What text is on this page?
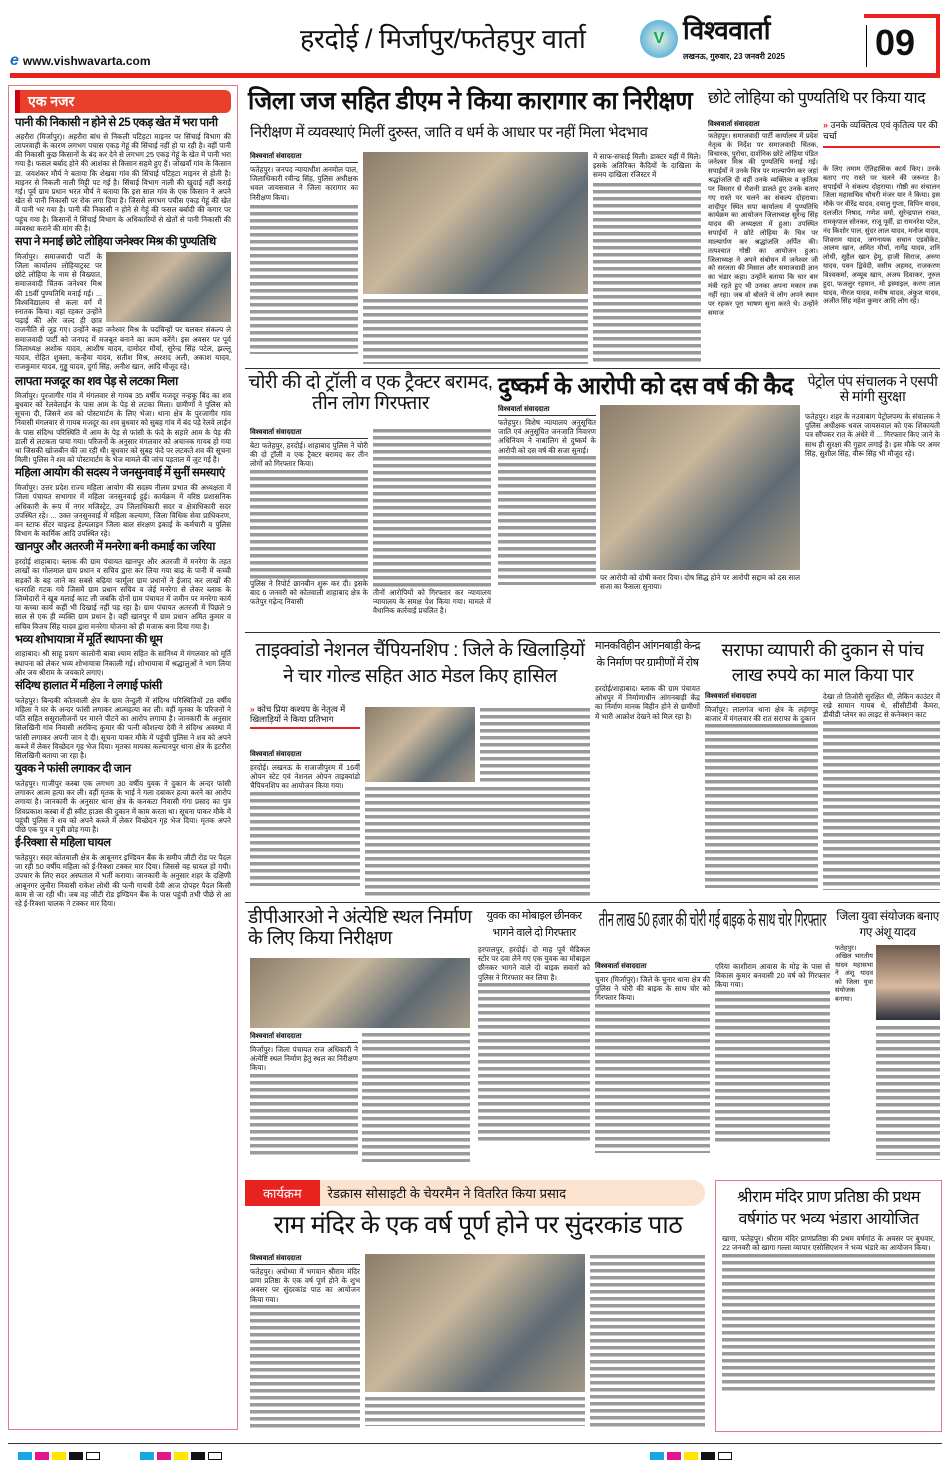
e www.vishwavarta.com
हरदोई / मिर्जापुर/फतेहपुर वार्ता	V विश्ववार्ता
लखनऊ, गुरुवार, 23 जनवरी 2025	09
एक नजर
पानी की निकासी न होने से 25 एकड़ खेत में भरा पानी
अहरौरा (मिर्जापुर)। अहरौरा बांध से निकली पटिहटा माइनर पर सिंचाई विभाग की लापरवाही के कारण लगभग पचास एकड़ गेहूं की सिंचाई नहीं हो पा रही है। वहीं पानी की निकासी कुछ किसानों के बंद कर देने से लगभग 25 एकड़ गेहूं के खेत में पानी भरा गया है। फसल बर्बाद होने की आशंका से किसान सहमे हुए हैं। जोखवाँ गांव के किसान डा. जयशंकर मौर्य ने बताया कि शेखवा गांव की सिंचाई पटिहटा माइनर से होती है। माइनर से निकली नाली मिट्टी पट गई है। सिंचाई विभाग नाली की खुदाई नहीं कराई गई। पूर्व ग्राम प्रधान भरत मौर्य ने बताया कि इस साल गांव के एक किसान ने अपने खेत से पानी निकासी पर रोक लगा दिया है। जिससे लगभग पचीस एकड़ गेहूं की खेत में पानी भर गया है। पानी की निकासी न होने से गेहूं की फसल बर्बादी की कगार पर पहुंच गया है। किसानों ने सिंचाई विभाग के अधिकारियों से खेतों से पानी निकासी की व्यवस्था कराने की मांग की है।
सपा ने मनाई छोटे लोहिया जनेश्वर मिश्र की पुण्यतिथि
मिर्जापुर। समाजवादी पार्टी के जिला कार्यालय लोहियाट्रस्ट पर छोटे लोहिया के नाम से विख्यात, समाजवादी चिंतक जनेश्वर मिश्र की 15वीं पुण्यतिथि मनाई गई। ... विश्वविद्यालय से कला वर्ग में स्नातक किया। वहां रहकर उन्होंने पढ़ाई की ओर जल्द ही छात्र राजनीति से जुड़ गए। उन्होंने कहा जनेश्वर मिश्र के पदचिन्हों पर चलकर संकल्प ले समाजवादी पार्टी को जनपद में मजबूत बनाने का काम करेंगे। इस अवसर पर पूर्व जिलाध्यक्ष अशोक यादव, आशीष यादव, दामोदर मौर्या, सुरेन्द्र सिंह पटेल, झल्लू यादव, रोहित शुक्ला, कन्हैया यादव, सतीश मिश्र, अरशद अली, अकाश यादव, राजकुमार यादव, गुड्डू यादव, दुर्गा सिंह, अनीश खान, आदि मौजूद रहे।
लापता मजदूर का शव पेड़ से लटका मिला
मिर्जापुर। पुरजागीर गांव में मंगलवार से गायब 35 वर्षीय मजदूर नन्हकू बिंद का शव बुधवार को रेलवेलाईन के पास आम के पेड़ से लटका मिला। ग्रामीणों ने पुलिस को सूचना दी, जिसने शव को पोस्टमार्टम के लिए भेजा। थाना क्षेत्र के पुरजागीर गांव निवासी मंगलवार से गायब मजदूर का शव बुधवार को सुबह गांव में बंद पड़े रेलवे लाईन के पास संदिग्ध परिस्थिति में आम के पेड़ से फांसी के फंदे के सहारे आम के पेड़ की डाली से लटकता पाया गया। परिजनों के अनुसार मंगलवार को अचानक गायब हो गया था जिसकी खोजबीन की जा रही थी। बुधवार को सुबह फंदे पर लटकते शव की सूचना मिली। पुलिस ने शव को पोस्टमार्टम के भेज मामले की जांच पड़ताल में जुट गई है।
महिला आयोग की सदस्य ने जनसुनवाई में सुनीं समस्याएं
मिर्जापुर। उत्तर प्रदेश राज्य महिला आयोग की सदस्य नीलम प्रभात की अध्यक्षता में जिला पंचायत सभागार में महिला जनसुनवाई हुई। कार्यक्रम में वरिष्ठ प्रशासनिक अधिकारी के रूप में नगर मजिस्ट्रेट, उप जिलाधिकारी सदर व क्षेत्राधिकारी सदर उपस्थित रहे। ... उक्त जनसुनवाई में महिला कल्याण, जिला विधिक सेवा प्राधिकरण, वन स्टाफ सेंटर चाइल्ड हेल्पलाइन जिला बाल संरक्षण इकाई के कर्मचारी व पुलिस विभाग के कार्मिक आदि उपस्थित रहे।
खानपुर और अतरजी में मनरेगा बनी कमाई का जरिया
हरदोई शाहाबाद। ब्लाक की ग्राम पंचायत खानपुर और अतरजी में मनरेगा के तहत लाखों का गोलमाल ग्राम प्रधान व सचिव द्वारा कर लिया गया बाढ़ के पानी में कच्ची सड़कों के बह जाने का सबसे बढ़िया फार्मूला ग्राम प्रधानों ने ईजाद कर लाखों की धनराशि गटक गये जिसमें ग्राम प्रधान सचिव व जेई मनरेगा से लेकर ब्लाक के जिम्मेदारों ने खूब मलाई काट ली जबकि दोनों ग्राम पंचायत में जमीन पर मनरेगा कार्य या कच्चा कार्य कहीं भी दिखाई नहीं पड़ रहा है। ग्राम पंचायत अतरजी में पिछले 9 साल से एक ही व्यक्ति ग्राम प्रधान है। वहीं खानपुर में ग्राम प्रधान अमित कुमार व सचिव विजय सिंह यादव द्वारा मनरेगा योजना को ही मजाक बना दिया गया है।
भव्य शोभायात्रा में मूर्ति स्थापना की धूम
शाहाबाद। श्री साहू प्रयाग कालोनी बाबा श्याम सहित के सानिध्य में मंगलवार को मूर्ति स्थापना को लेकर भव्य शोभायात्रा निकाली गई। शोभायात्रा में श्रद्धालुओं ने भाग लिया और जय श्रीराम के जयकारे लगाए।
संदिग्ध हालात में महिला ने लगाई फांसी
फतेहपुर। बिन्दकी कोतवाली क्षेत्र के ग्राम तेन्दुली में संदिग्ध परिस्थितियों 28 वर्षीय महिला ने घर के अन्दर फांसी लगाकर आत्महत्या कर ली। वहीं मृतका के परिजनों ने पति सहित ससुरालीजनों पर मारने पीटने का आरोप लगाया है। जानकारी के अनुसार सिलखिनी गांव निवासी अरविन्द कुमार की पत्नी कौशल्या देवी ने संदिग्ध अवस्था में फांसी लगाकर अपनी जान दे दी। सूचना पाकर मौके में पहुंची पुलिस ने शव को अपने कब्जे में लेकर विच्छेदन गृह भेज दिया। मृतका मायका कल्यानपुर थाना क्षेत्र के इटरौरा सिलखिनी बताया जा रहा है।
युवक ने फांसी लगाकर दी जान
फतेहपुर। गाजीपुर कस्बा एक लगभग 30 वर्षीय युवक ने दुकान के अन्दर फांसी लगाकर आत्म हत्या कर ली। वहीं मृतक के भाई ने गला दबाकर हत्या करने का आरोप लगाया है। जानकारी के अनुसार थाना क्षेत्र के कनकटा निवासी गंगा प्रसाद का पुत्र शिवप्रकाश कस्बा में ही स्वीट हाउस की दुकान में काम करता था। सूचना पाकर मौके में पहुंची पुलिस ने शव को अपने कब्जे में लेकर विच्छेदन गृह भेज दिया। मृतक अपने पीछे एक पुत्र व पुत्री छोड़ गया है।
ई-रिक्शा से महिला घायल
फतेहपुर। सदर कोतवाली क्षेत्र के आबूनगर इण्डियन बैंक के समीप जीटी रोड पर पैदल जा रही 50 वर्षीय महिला को ई-रिक्शा टक्कर मार दिया। जिससे वह घायल हो गयी। उपचार के लिए सदर अस्पताल में भर्ती कराया। जानकारी के अनुसार शहर के दक्षिणी आबूनगर लुनौरा निवासी राकेश लोधी की पत्नी गायत्री देवी आज दोपहर पैदल किसी काम से जा रही थी। जब वह जीटी रोड इण्डियन बैंक के पास पहुंची तभी पीछे से आ रहे ई-रिक्शा चालक ने टक्कर मार दिया।
जिला जज सहित डीएम ने किया कारागार का निरीक्षण
निरीक्षण में व्यवस्थाएं मिलीं दुरुस्त, जाति व धर्म के आधार पर नहीं मिला भेदभाव
विश्ववार्ता संवाददाता
फतेहपुर। जनपद न्यायाधीश अनमोल पाल, जिलाधिकारी रवीन्द्र सिंह, पुलिस अधीक्षक धवल जायसवाल ने जिला कारागार का निरीक्षण किया।
में साफ-सफाई मिली। डाक्टर यहीं में मिले। इसके अतिरिक्त कैदियों के दाखिला के समय दाखिला रजिस्टर में
छोटे लोहिया को पुण्यतिथि पर किया याद
विश्ववार्ता संवाददाता
फतेहपुर। समाजवादी पार्टी कार्यालय में प्रदेश नेतृत्व के निर्देश पर समाजवादी चिंतक, विचारक, पुरोधा, दार्शनिक छोटे लोहिया पंडित जनेश्वर मिश्र की पुण्यतिथि मनाई गई। सपाईयों ने उनके चित्र पर माल्यार्पण कर जहां श्रद्धांजलि दी वहीं उनके व्यक्तित्व व कृतित्व पर विस्तार से रोशनी डालते हुए उनके बताए गए रास्ते पर चलने का संकल्प दोहराया। शादीपुर स्थित सपा कार्यालय में पुण्यतिथि कार्यक्रम का आयोजन जिलाध्यक्ष सुरेन्द्र सिंह यादव की अध्यक्षता में हुआ। उपस्थित सपाईयों ने छोटे लोहिया के चित्र पर माल्यार्पण कर श्रद्धांजलि अर्पित की। तत्पश्चात गोष्ठी का आयोजन हुआ। जिलाध्यक्ष ने अपने संबोधन में जनेश्वर जी को सरलता की मिसाल और समाजवादी ज्ञान का भंडार कहा। उन्होंने बताया कि चार बार मंत्री रहते हुए भी उनका अपना मकान तक नहीं रहा। जब वो बोलते थे लोग अपने स्थान पर रहकर पूरा भाषण सुना करते थे। उन्होंने समाज
» उनके व्यक्तित्व एवं कृतित्व पर की चर्चा
के लिए तमाम ऐतिहासिक कार्य किए। उनके बताए गए रास्ते पर चलने की जरूरत है। सपाईयों ने संकल्प दोहराया। गोष्ठी का संचालन जिला महासचिव चौधरी मंजर यार ने किया। इस मौके पर वीरेंद्र यादव, दयालु गुप्ता, विपिन यादव, दलजीत निषाद, गणेश वर्मा, सुरेन्द्रपाल रावत, रामकृपाल सोनकर, राजू पूर्वी, डा रामनरेश पटेल, नंद किशोर पाल, सुंदर लाल यादव, मनोज यादव, शिवराम यादव, जगनायक सचान एडवोकेट, आलम खान, अमित मौर्या, नागेंद्र यादव, शनि लोधी, सुहैल खान हेमू, हाजी सिराज, अरुण यादव, पवन द्विवेदी, वसीम अहमद, राजकरण विश्वकर्मा, अय्यूब खान, अजय दिवाकर, नूरुल हुदा, फजलुर रहमान, मो इस्माइल, करण लाल यादव, नीरज यादव, मनीष यादव, अंकुश यादव, अजीत सिंह महेश कुमार आदि लोग रहे।
चोरी की दो ट्रॉली व एक ट्रैक्टर बरामद, तीन लोग गिरफ्तार
विश्ववार्ता संवाददाता
बेटा फतेहपुर, हरदोई। शाहाबाद पुलिस ने चोरी की दो ट्रॉली व एक ट्रैक्टर बरामद कर तीन लोगों को गिरफ्तार किया।
पुलिस ने रिपोर्ट छानबीन शुरू कर दी। इसके बाद 6 जनवरी को कोतवाली शाहाबाद क्षेत्र के फतेपुर गढ़ेन्द निवासी
तीनों आरोपियों को गिरफ्तार कर न्यायालय न्यायालय के समक्ष पेश किया गया। मामले में वैधानिक कार्रवाई प्रचलित है।
दुष्कर्म के आरोपी को दस वर्ष की कैद
विश्ववार्ता संवाददाता
फतेहपुर। विशेष न्यायालय अनुसूचित जाति एवं अनुसूचित जनजाति निवारण अधिनियम ने नाबालिग से दुष्कर्म के आरोपी को दस वर्ष की सजा सुनाई।
पर आरोपी को दोषी करार दिया। दोष सिद्ध होने पर आरोपी सद्दाम को दस साल सजा का फैसला सुनाया।
पेट्रोल पंप संचालक ने एसपी से मांगी सुरक्षा
फतेहपुर। शहर के नउवाबाग पेट्रोलपम्प के संचालक ने पुलिस अधीक्षक धवल जायसवाल को एक शिकायती पत्र सौंपकर रात के अंधेरे में ... गिरफ्तार किए जाने के साथ ही सुरक्षा की गुहार लगाई है। इस मौके पर अमर सिंह, सुशील सिंह, वीरू सिंह भी मौजूद रहे।
ताइक्वांडो नेशनल चैंपियनशिप : जिले के खिलाड़ियों ने चार गोल्ड सहित आठ मेडल किए हासिल
» कोच प्रिया कश्यप के नेतृत्व में खिलाड़ियों ने किया प्रतिभाग
विश्ववार्ता संवाददाता
हरदोई। लखनऊ के राजाजीपुरम में 16वीं ओपन स्टेट एवं नेशनल ओपन ताइक्वांडो चैंपियनशिप का आयोजन किया गया।
मानकविहीन आंगनबाड़ी केन्द्र के निर्माण पर ग्रामीणों में रोष
हरदोई/शाहाबाद। ब्लाक की ग्राम पंचायत ओधपुर में निर्माणाधीन आंगनबाड़ी केंद्र का निर्माण मानक विहीन होने से ग्रामीणों में भारी आक्रोश देखने को मिल रहा है।
सराफा व्यापारी की दुकान से पांच लाख रुपये का माल किया पार
विश्ववार्ता संवाददाता
मिर्जापुर। लालगंज थाना क्षेत्र के लहंगपुर बाजार में मंगलवार की रात सराफा के दुकान
देखा तो तिजोरी सुरक्षित थी, लेकिन काउंटर में रखे सामान गायब थे, सीसीटीवी कैमरा, डीवीडी प्लेयर का लाइट से कनेक्शन काट
डीपीआरओ ने अंत्येष्टि स्थल निर्माण के लिए किया निरीक्षण
विश्ववार्ता संवाददाता
मिर्जापुर। जिला पंचायत राज अधिकारी ने अंत्येष्टि स्थल निर्माण हेतु स्थल का निरीक्षण किया।
युवक का मोबाइल छीनकर भागने वाले दो गिरफ्तार
हरपालपुर, हरदोई। दो माह पूर्व मेडिकल स्टोर पर दवा लेने गए एक युवक का मोबाइल छीनकर भागने वाले दो बाइक सवारों को पुलिस ने गिरफ्तार कर लिया है।
तीन लाख 50 हजार की चोरी गई बाइक के साथ चोर गिरफ्तार
विश्ववार्ता संवाददाता
चुनार (मिर्जापुर)। जिले के चुनार थाना क्षेत्र की पुलिस ने चोरी की बाइक के साथ चोर को गिरफ्तार किया।
एरिया काशीराम आवास के मोड़ के पास से विकास कुमार बनवासी 20 वर्ष को गिरफ्तार किया गया।
जिला युवा संयोजक बनाए गए अंशू यादव
फतेहपुर। अखिल भारतीय यादव महासभा ने अंशू यादव को जिला युवा संयोजक बनाया।
कार्यक्रम	रेडक्रास सोसाइटी के चेयरमैन ने वितरित किया प्रसाद
राम मंदिर के एक वर्ष पूर्ण होने पर सुंदरकांड पाठ
विश्ववार्ता संवाददाता
फतेहपुर। अयोध्या में भगवान श्रीराम मंदिर प्राण प्रतिष्ठा के एक वर्ष पूर्ण होने के शुभ अवसर पर सुंदरकांड पाठ का आयोजन किया गया।
श्रीराम मंदिर प्राण प्रतिष्ठा की प्रथम वर्षगांठ पर भव्य भंडारा आयोजित
खागा, फतेहपुर। श्रीराम मंदिर प्राणप्रतिष्ठा की प्रथम वर्षगांठ के अवसर पर बुधवार, 22 जनवरी को खागा गल्ला व्यापार एसोसिएशन ने भव्य भंडारे का आयोजन किया।
